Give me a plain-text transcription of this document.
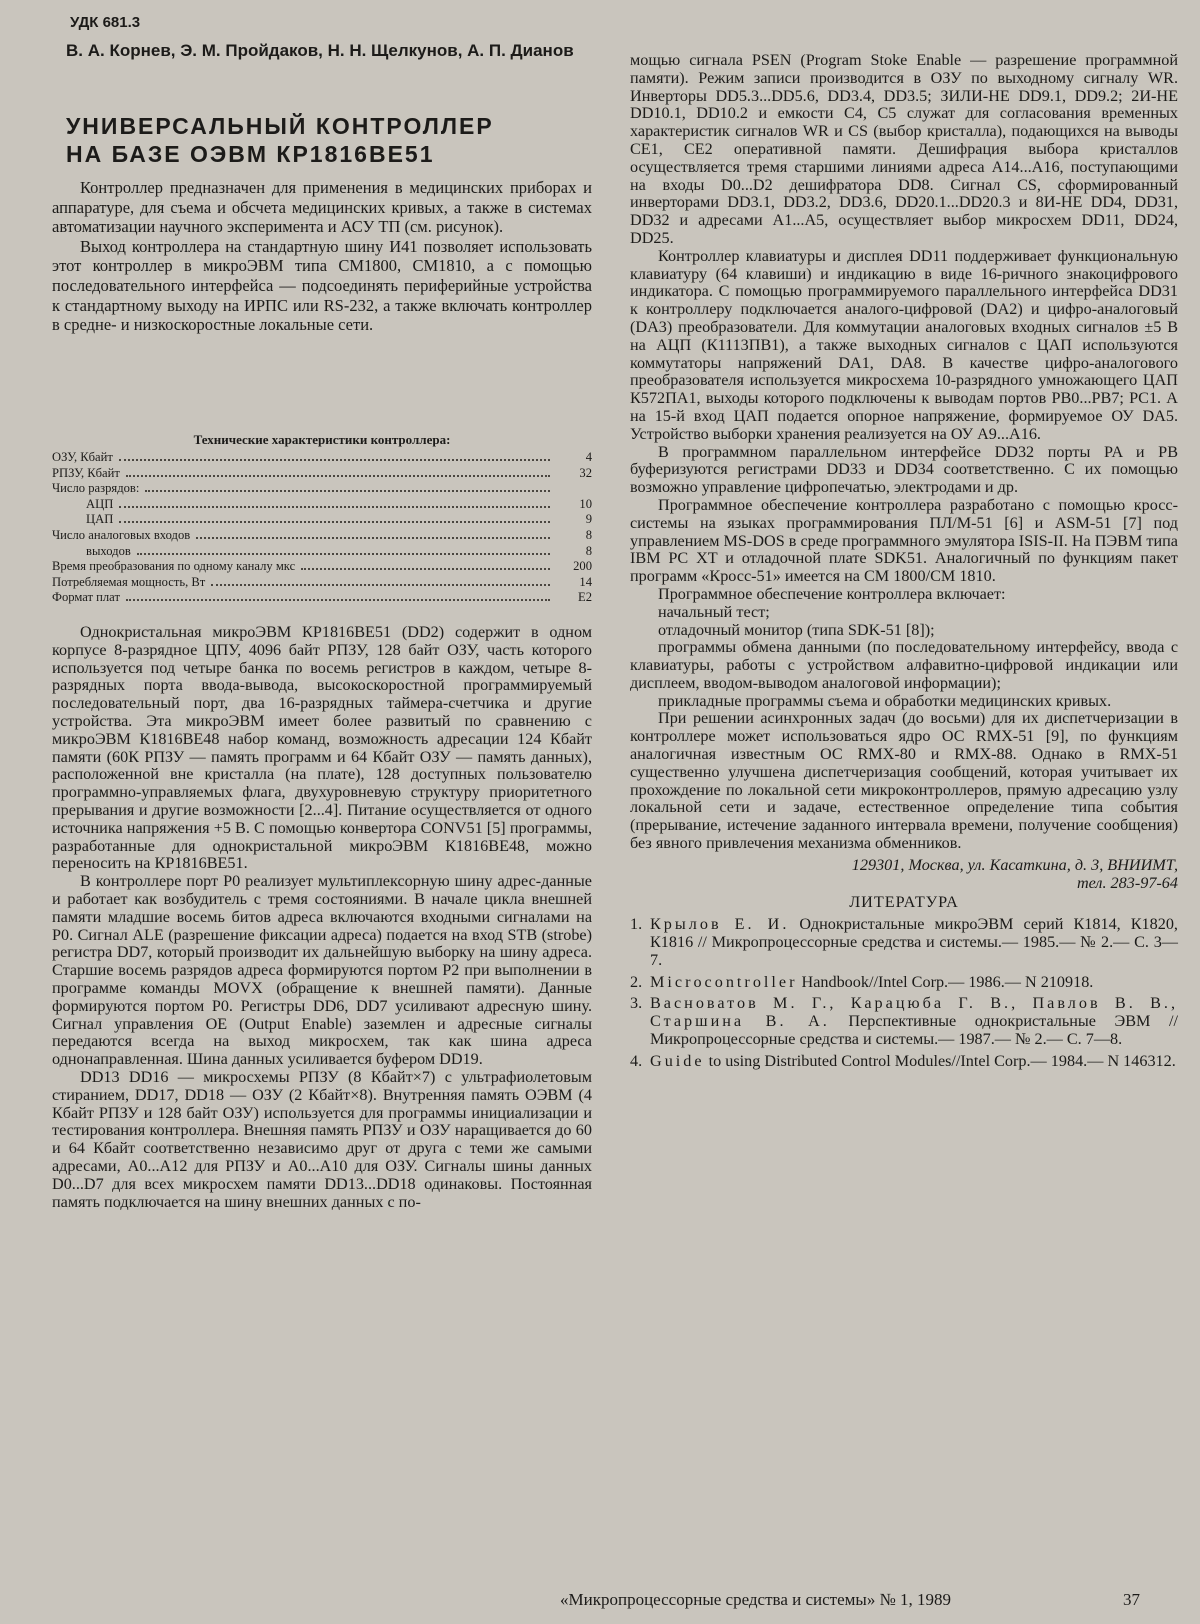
УДК 681.3
В. А. Корнев, Э. М. Пройдаков, Н. Н. Щелкунов, А. П. Дианов
УНИВЕРСАЛЬНЫЙ КОНТРОЛЛЕР
НА БАЗЕ ОЭВМ КР1816ВЕ51

Контроллер предназначен для применения в медицинских приборах и аппаратуре, для съема и обсчета медицинских кривых, а также в системах автоматизации научного эксперимента и АСУ ТП (см. рисунок).

Выход контроллера на стандартную шину И41 позволяет использовать этот контроллер в микроЭВМ типа СМ1800, СМ1810, а с помощью последовательного интерфейса — подсоединять периферийные устройства к стандартному выходу на ИРПС или RS-232, а также включать контроллер в средне- и низкоскоростные локальные сети.

Технические характеристики контроллера:
ОЗУ, Кбайт	4
РПЗУ, Кбайт	32
Число разрядов:
АЦП	10
ЦАП	9
Число аналоговых входов	8
выходов	8
Время преобразования по одному каналу мкс	200
Потребляемая мощность, Вт	14
Формат плат	E2

Однокристальная микроЭВМ КР1816ВЕ51 (DD2) содержит в одном корпусе 8-разрядное ЦПУ, 4096 байт РПЗУ, 128 байт ОЗУ, часть которого используется под четыре банка по восемь регистров в каждом, четыре 8-разрядных порта ввода-вывода, высокоскоростной программируемый последовательный порт, два 16-разрядных таймера-счетчика и другие устройства. Эта микроЭВМ имеет более развитый по сравнению с микроЭВМ К1816ВЕ48 набор команд, возможность адресации 124 Кбайт памяти (60К РПЗУ — память программ и 64 Кбайт ОЗУ — память данных), расположенной вне кристалла (на плате), 128 доступных пользователю программно-управляемых флага, двухуровневую структуру приоритетного прерывания и другие возможности [2...4]. Питание осуществляется от одного источника напряжения +5 В. С помощью конвертора CONV51 [5] программы, разработанные для однокристальной микроЭВМ К1816ВЕ48, можно переносить на КР1816ВЕ51.

В контроллере порт P0 реализует мультиплексорную шину адрес-данные и работает как возбудитель с тремя состояниями. В начале цикла внешней памяти младшие восемь битов адреса включаются входными сигналами на P0. Сигнал ALE (разрешение фиксации адреса) подается на вход STB (strobe) регистра DD7, который производит их дальнейшую выборку на шину адреса. Старшие восемь разрядов адреса формируются портом P2 при выполнении в программе команды MOVX (обращение к внешней памяти). Данные формируются портом P0. Регистры DD6, DD7 усиливают адресную шину. Сигнал управления OE (Output Enable) заземлен и адресные сигналы передаются всегда на выход микросхем, так как шина адреса однонаправленная. Шина данных усиливается буфером DD19.

DD13 DD16 — микросхемы РПЗУ (8 Кбайт×7) с ультрафиолетовым стиранием, DD17, DD18 — ОЗУ (2 Кбайт×8). Внутренняя память ОЭВМ (4 Кбайт РПЗУ и 128 байт ОЗУ) используется для программы инициализации и тестирования контроллера. Внешняя память РПЗУ и ОЗУ наращивается до 60 и 64 Кбайт соответственно независимо друг от друга с теми же самыми адресами, A0...A12 для РПЗУ и A0...A10 для ОЗУ. Сигналы шины данных D0...D7 для всех микросхем памяти DD13...DD18 одинаковы. Постоянная память подключается на шину внешних данных с по-

мощью сигнала PSEN (Program Stoke Enable — разрешение программной памяти). Режим записи производится в ОЗУ по выходному сигналу WR. Инверторы DD5.3...DD5.6, DD3.4, DD3.5; ЗИЛИ-НЕ DD9.1, DD9.2; 2И-НЕ DD10.1, DD10.2 и емкости C4, C5 служат для согласования временных характеристик сигналов WR и CS (выбор кристалла), подающихся на выводы CE1, CE2 оперативной памяти. Дешифрация выбора кристаллов осуществляется тремя старшими линиями адреса A14...A16, поступающими на входы D0...D2 дешифратора DD8. Сигнал CS, сформированный инверторами DD3.1, DD3.2, DD3.6, DD20.1...DD20.3 и 8И-НЕ DD4, DD31, DD32 и адресами A1...A5, осуществляет выбор микросхем DD11, DD24, DD25.

Контроллер клавиатуры и дисплея DD11 поддерживает функциональную клавиатуру (64 клавиши) и индикацию в виде 16-ричного знакоцифрового индикатора. С помощью программируемого параллельного интерфейса DD31 к контроллеру подключается аналого-цифровой (DA2) и цифро-аналоговый (DA3) преобразователи. Для коммутации аналоговых входных сигналов ±5 В на АЦП (К1113ПВ1), а также выходных сигналов с ЦАП используются коммутаторы напряжений DA1, DA8. В качестве цифро-аналогового преобразователя используется микросхема 10-разрядного умножающего ЦАП К572ПА1, выходы которого подключены к выводам портов PB0...PB7; PC1. А на 15-й вход ЦАП подается опорное напряжение, формируемое ОУ DA5. Устройство выборки хранения реализуется на ОУ A9...A16.

В программном параллельном интерфейсе DD32 порты PA и PB буферизуются регистрами DD33 и DD34 соответственно. С их помощью возможно управление цифропечатью, электродами и др.

Программное обеспечение контроллера разработано с помощью кросс-системы на языках программирования ПЛ/М-51 [6] и ASM-51 [7] под управлением MS-DOS в среде программного эмулятора ISIS-II. На ПЭВМ типа IBM PC XT и отладочной плате SDK51. Аналогичный по функциям пакет программ «Кросс-51» имеется на СМ 1800/СМ 1810.

Программное обеспечение контроллера включает:

начальный тест;

отладочный монитор (типа SDK-51 [8]);

программы обмена данными (по последовательному интерфейсу, ввода с клавиатуры, работы с устройством алфавитно-цифровой индикации или дисплеем, вводом-выводом аналоговой информации);

прикладные программы съема и обработки медицинских кривых.

При решении асинхронных задач (до восьми) для их диспетчеризации в контроллере может использоваться ядро ОС RMX-51 [9], по функциям аналогичная известным ОС RMX-80 и RMX-88. Однако в RMX-51 существенно улучшена диспетчеризация сообщений, которая учитывает их прохождение по локальной сети микроконтроллеров, прямую адресацию узлу локальной сети и задаче, естественное определение типа события (прерывание, истечение заданного интервала времени, получение сообщения) без явного привлечения механизма обменников.

129301, Москва, ул. Касаткина, д. 3, ВНИИМТ,
тел. 283-97-64
ЛИТЕРАТУРА
1. Крылов Е. И. Однокристальные микроЭВМ серий К1814, К1820, К1816 // Микропроцессорные средства и системы.— 1985.— № 2.— С. 3—7.
2. Microcontroller Handbook//Intel Corp.— 1986.— N 210918.
3. Васноватов М. Г., Карацюба Г. В., Павлов В. В., Старшина В. А. Перспективные однокристальные ЭВМ // Микропроцессорные средства и системы.— 1987.— № 2.— С. 7—8.
4. Guide to using Distributed Control Modules//Intel Corp.— 1984.— N 146312.
«Микропроцессорные средства и системы» № 1, 1989	37
